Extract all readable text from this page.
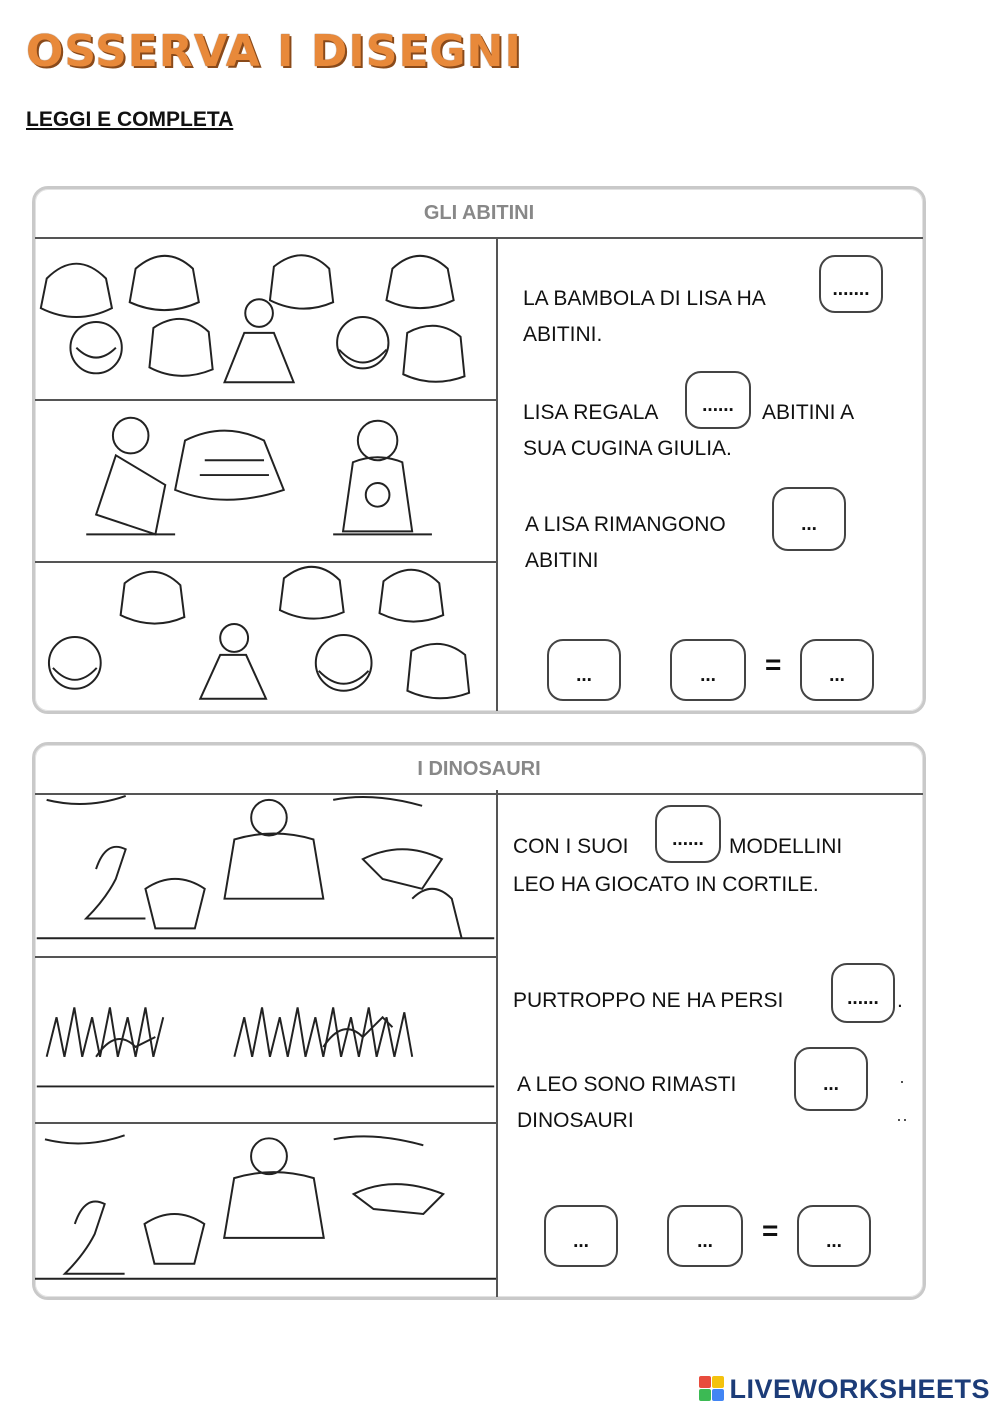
OSSERVA I DISEGNI
LEGGI E COMPLETA
GLI ABITINI
LA BAMBOLA DI LISA HA	.......
ABITINI.
LISA REGALA	......	ABITINI A
SUA CUGINA GIULIA.
A LISA RIMANGONO	...
ABITINI
...	...	=	...
I DINOSAURI
CON I SUOI	......	MODELLINI
LEO HA GIOCATO IN CORTILE.
PURTROPPO NE HA PERSI	...... .
A LEO SONO RIMASTI	...	·
DINOSAURI	··
...	...	=	...
LIVEWORKSHEETS
